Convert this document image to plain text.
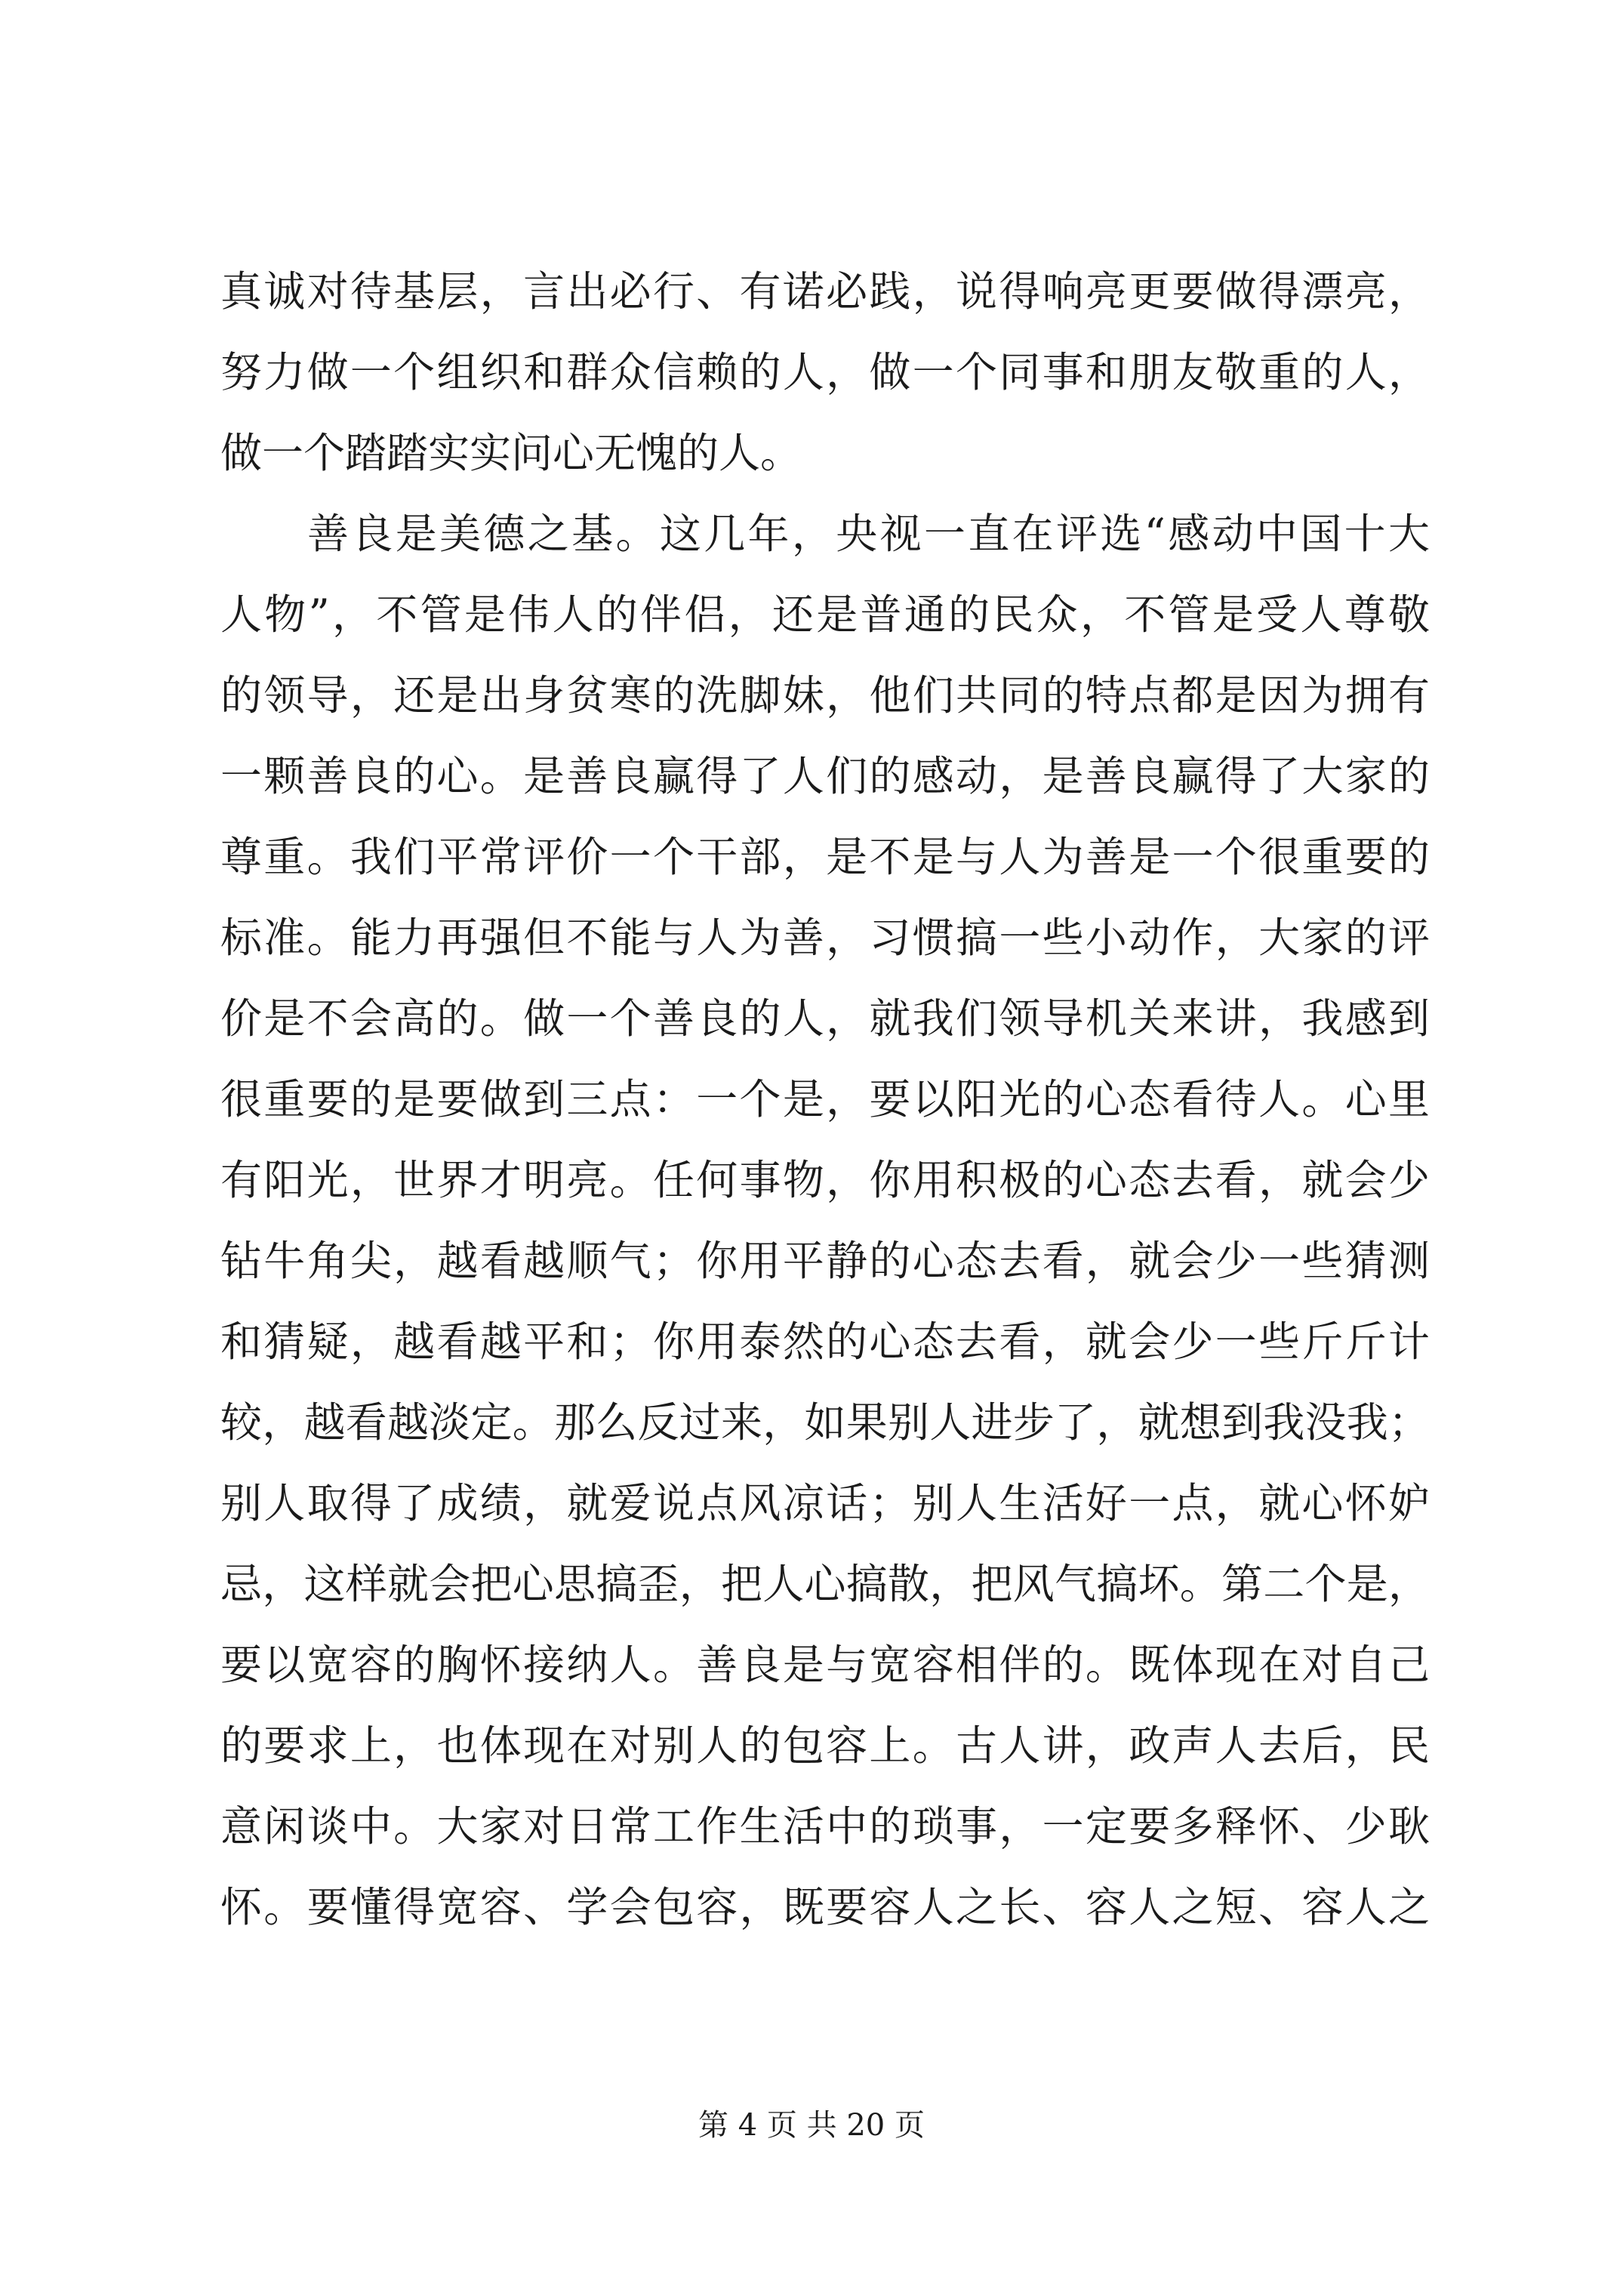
真诚对待基层，言出必行、有诺必践，说得响亮更要做得漂亮，
努力做一个组织和群众信赖的人，做一个同事和朋友敬重的人，
做一个踏踏实实问心无愧的人。
善良是美德之基。这几年，央视一直在评选“感动中国十大
人物”，不管是伟人的伴侣，还是普通的民众，不管是受人尊敬
的领导，还是出身贫寒的洗脚妹，他们共同的特点都是因为拥有
一颗善良的心。是善良赢得了人们的感动，是善良赢得了大家的
尊重。我们平常评价一个干部，是不是与人为善是一个很重要的
标准。能力再强但不能与人为善，习惯搞一些小动作，大家的评
价是不会高的。做一个善良的人，就我们领导机关来讲，我感到
很重要的是要做到三点：一个是，要以阳光的心态看待人。心里
有阳光，世界才明亮。任何事物，你用积极的心态去看，就会少
钻牛角尖，越看越顺气；你用平静的心态去看，就会少一些猜测
和猜疑，越看越平和；你用泰然的心态去看，就会少一些斤斤计
较，越看越淡定。那么反过来，如果别人进步了，就想到我没我；
别人取得了成绩，就爱说点风凉话；别人生活好一点，就心怀妒
忌，这样就会把心思搞歪，把人心搞散，把风气搞坏。第二个是，
要以宽容的胸怀接纳人。善良是与宽容相伴的。既体现在对自己
的要求上，也体现在对别人的包容上。古人讲，政声人去后，民
意闲谈中。大家对日常工作生活中的琐事，一定要多释怀、少耿
怀。要懂得宽容、学会包容，既要容人之长、容人之短、容人之
第 4 页 共 20 页
